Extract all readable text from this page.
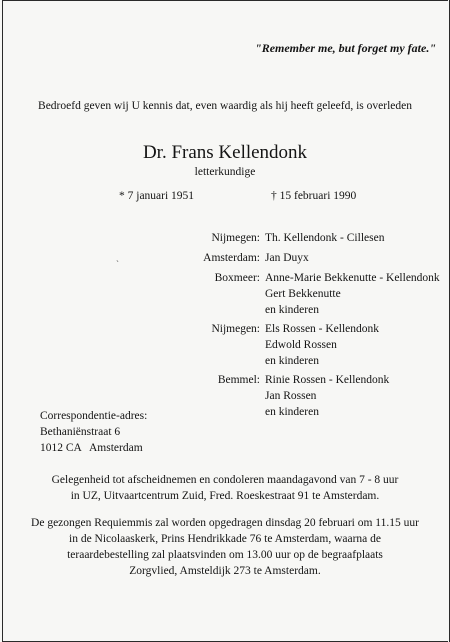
"Remember me, but forget my fate."
Bedroefd geven wij U kennis dat, even waardig als hij heeft geleefd, is overleden
Dr. Frans Kellendonk
letterkundige
* 7 januari 1951	† 15 februari 1990
ˎ
Nijmegen: Th. Kellendonk - Cillesen
Amsterdam: Jan Duyx
Boxmeer: Anne-Marie Bekkenutte - Kellendonk
Gert Bekkenutte
en kinderen
Nijmegen: Els Rossen - Kellendonk
Edwold Rossen
en kinderen
Bemmel: Rinie Rossen - Kellendonk
Jan Rossen
en kinderen
Correspondentie-adres:
Bethaniënstraat 6
1012 CA Amsterdam
Gelegenheid tot afscheidnemen en condoleren maandagavond van 7 - 8 uur
in UZ, Uitvaartcentrum Zuid, Fred. Roeskestraat 91 te Amsterdam.
De gezongen Requiemmis zal worden opgedragen dinsdag 20 februari om 11.15 uur
in de Nicolaaskerk, Prins Hendrikkade 76 te Amsterdam, waarna de
teraardebestelling zal plaatsvinden om 13.00 uur op de begraafplaats
Zorgvlied, Amsteldijk 273 te Amsterdam.
